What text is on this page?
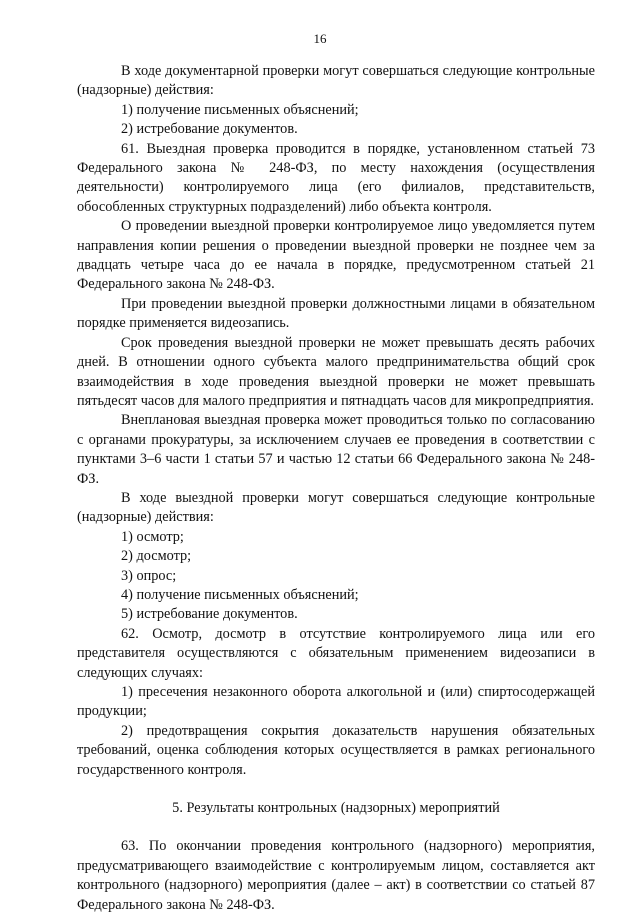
16

В ходе документарной проверки могут совершаться следующие контрольные (надзорные) действия:

1) получение письменных объяснений;

2) истребование документов.

61. Выездная проверка проводится в порядке, установленном статьей 73 Федерального закона № 248-ФЗ, по месту нахождения (осуществления деятельности) контролируемого лица (его филиалов, представительств, обособленных структурных подразделений) либо объекта контроля.

О проведении выездной проверки контролируемое лицо уведомляется путем направления копии решения о проведении выездной проверки не позднее чем за двадцать четыре часа до ее начала в порядке, предусмотренном статьей 21 Федерального закона № 248-ФЗ.

При проведении выездной проверки должностными лицами в обязательном порядке применяется видеозапись.

Срок проведения выездной проверки не может превышать десять рабочих дней. В отношении одного субъекта малого предпринимательства общий срок взаимодействия в ходе проведения выездной проверки не может превышать пятьдесят часов для малого предприятия и пятнадцать часов для микропредприятия.

Внеплановая выездная проверка может проводиться только по согласованию с органами прокуратуры, за исключением случаев ее проведения в соответствии с пунктами 3–6 части 1 статьи 57 и частью 12 статьи 66 Федерального закона № 248-ФЗ.

В ходе выездной проверки могут совершаться следующие контрольные (надзорные) действия:

1) осмотр;

2) досмотр;

3) опрос;

4) получение письменных объяснений;

5) истребование документов.

62. Осмотр, досмотр в отсутствие контролируемого лица или его представителя осуществляются с обязательным применением видеозаписи в следующих случаях:

1) пресечения незаконного оборота алкогольной и (или) спиртосодержащей продукции;

2) предотвращения сокрытия доказательств нарушения обязательных требований, оценка соблюдения которых осуществляется в рамках регионального государственного контроля.

5. Результаты контрольных (надзорных) мероприятий

63. По окончании проведения контрольного (надзорного) мероприятия, предусматривающего взаимодействие с контролируемым лицом, составляется акт контрольного (надзорного) мероприятия (далее – акт) в соответствии со статьей 87 Федерального закона № 248-ФЗ.
